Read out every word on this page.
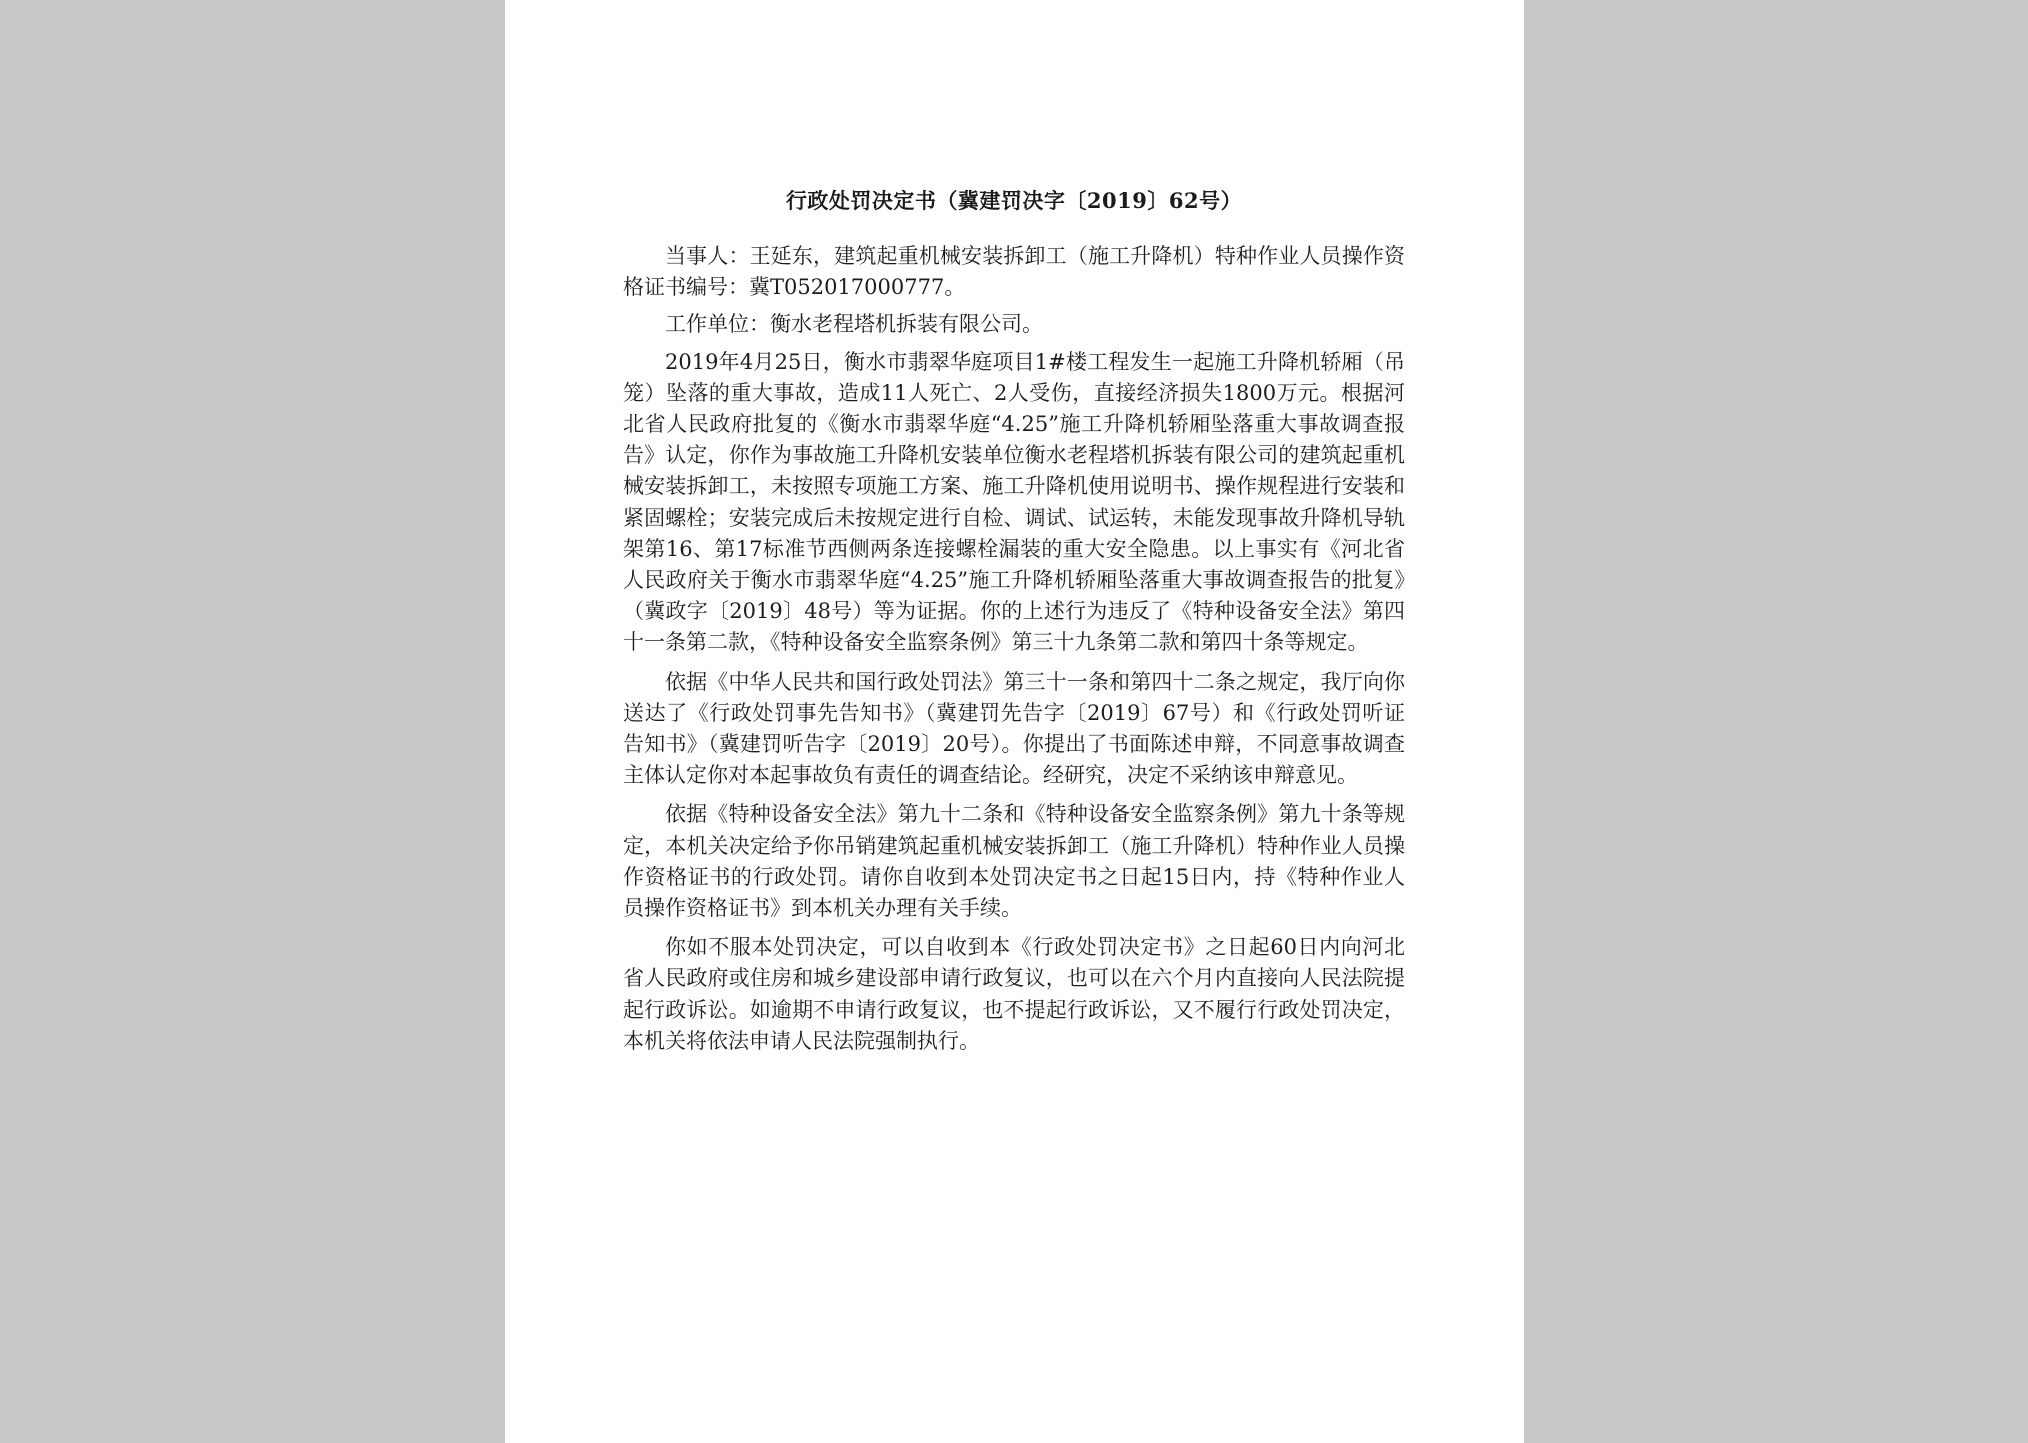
行政处罚决定书（冀建罚决字〔2019〕62号）

当事人：王延东，建筑起重机械安装拆卸工（施工升降机）特种作业人员操作资格证书编号：冀T052017000777。

工作单位：衡水老程塔机拆装有限公司。

2019年4月25日，衡水市翡翠华庭项目1#楼工程发生一起施工升降机轿厢（吊笼）坠落的重大事故，造成11人死亡、2人受伤，直接经济损失1800万元。根据河北省人民政府批复的《衡水市翡翠华庭“4.25”施工升降机轿厢坠落重大事故调查报告》认定，你作为事故施工升降机安装单位衡水老程塔机拆装有限公司的建筑起重机械安装拆卸工，未按照专项施工方案、施工升降机使用说明书、操作规程进行安装和紧固螺栓；安装完成后未按规定进行自检、调试、试运转，未能发现事故升降机导轨架第16、第17标准节西侧两条连接螺栓漏装的重大安全隐患。以上事实有《河北省人民政府关于衡水市翡翠华庭“4.25”施工升降机轿厢坠落重大事故调查报告的批复》（冀政字〔2019〕48号）等为证据。你的上述行为违反了《特种设备安全法》第四十一条第二款，《特种设备安全监察条例》第三十九条第二款和第四十条等规定。

依据《中华人民共和国行政处罚法》第三十一条和第四十二条之规定，我厅向你送达了《行政处罚事先告知书》（冀建罚先告字〔2019〕67号）和《行政处罚听证告知书》（冀建罚听告字〔2019〕20号）。你提出了书面陈述申辩，不同意事故调查主体认定你对本起事故负有责任的调查结论。经研究，决定不采纳该申辩意见。

依据《特种设备安全法》第九十二条和《特种设备安全监察条例》第九十条等规定，本机关决定给予你吊销建筑起重机械安装拆卸工（施工升降机）特种作业人员操作资格证书的行政处罚。请你自收到本处罚决定书之日起15日内，持《特种作业人员操作资格证书》到本机关办理有关手续。

你如不服本处罚决定，可以自收到本《行政处罚决定书》之日起60日内向河北省人民政府或住房和城乡建设部申请行政复议，也可以在六个月内直接向人民法院提起行政诉讼。如逾期不申请行政复议，也不提起行政诉讼，又不履行行政处罚决定，本机关将依法申请人民法院强制执行。
